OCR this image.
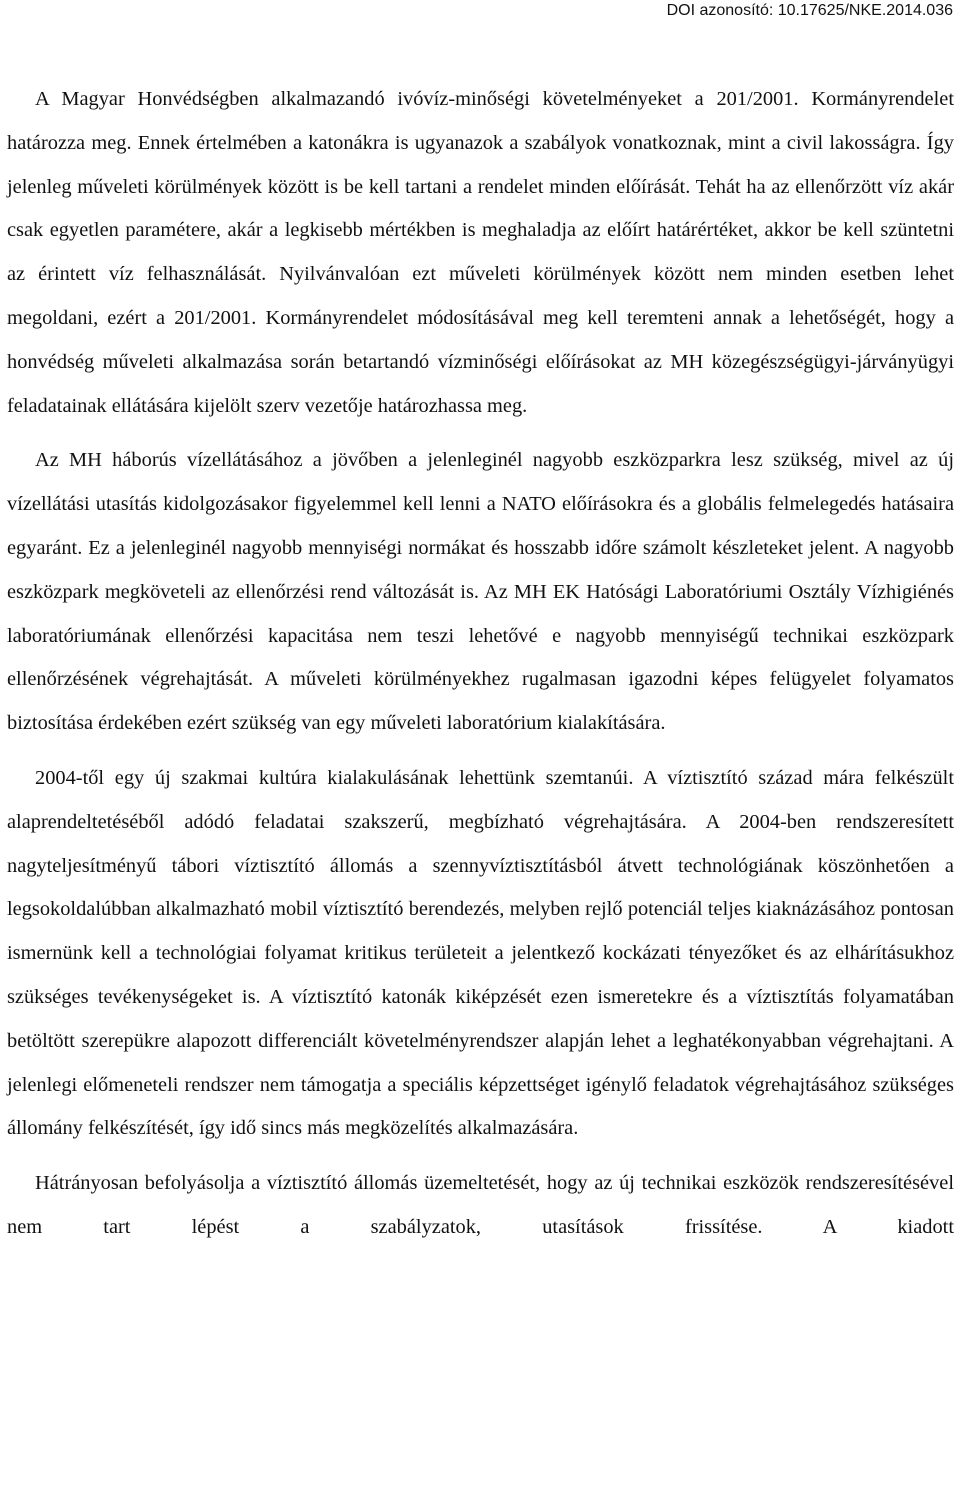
DOI azonosító: 10.17625/NKE.2014.036

A Magyar Honvédségben alkalmazandó ivóvíz-minőségi követelményeket a 201/2001. Kormányrendelet határozza meg. Ennek értelmében a katonákra is ugyanazok a szabályok vonatkoznak, mint a civil lakosságra. Így jelenleg műveleti körülmények között is be kell tartani a rendelet minden előírását. Tehát ha az ellenőrzött víz akár csak egyetlen paramétere, akár a legkisebb mértékben is meghaladja az előírt határértéket, akkor be kell szüntetni az érintett víz felhasználását. Nyilvánvalóan ezt műveleti körülmények között nem minden esetben lehet megoldani, ezért a 201/2001. Kormányrendelet módosításával meg kell teremteni annak a lehetőségét, hogy a honvédség műveleti alkalmazása során betartandó vízminőségi előírásokat az MH közegészségügyi-járványügyi feladatainak ellátására kijelölt szerv vezetője határozhassa meg.

Az MH háborús vízellátásához a jövőben a jelenleginél nagyobb eszközparkra lesz szükség, mivel az új vízellátási utasítás kidolgozásakor figyelemmel kell lenni a NATO előírásokra és a globális felmelegedés hatásaira egyaránt. Ez a jelenleginél nagyobb mennyiségi normákat és hosszabb időre számolt készleteket jelent. A nagyobb eszközpark megköveteli az ellenőrzési rend változását is. Az MH EK Hatósági Laboratóriumi Osztály Vízhigiénés laboratóriumának ellenőrzési kapacitása nem teszi lehetővé e nagyobb mennyiségű technikai eszközpark ellenőrzésének végrehajtását. A műveleti körülményekhez rugalmasan igazodni képes felügyelet folyamatos biztosítása érdekében ezért szükség van egy műveleti laboratórium kialakítására.

2004-től egy új szakmai kultúra kialakulásának lehettünk szemtanúi. A víztisztító század mára felkészült alaprendeltetéséből adódó feladatai szakszerű, megbízható végrehajtására. A 2004-ben rendszeresített nagyteljesítményű tábori víztisztító állomás a szennyvíztisztításból átvett technológiának köszönhetően a legsokoldalúbban alkalmazható mobil víztisztító berendezés, melyben rejlő potenciál teljes kiaknázásához pontosan ismernünk kell a technológiai folyamat kritikus területeit a jelentkező kockázati tényezőket és az elhárításukhoz szükséges tevékenységeket is. A víztisztító katonák kiképzését ezen ismeretekre és a víztisztítás folyamatában betöltött szerepükre alapozott differenciált követelményrendszer alapján lehet a leghatékonyabban végrehajtani. A jelenlegi előmeneteli rendszer nem támogatja a speciális képzettséget igénylő feladatok végrehajtásához szükséges állomány felkészítését, így idő sincs más megközelítés alkalmazására.

Hátrányosan befolyásolja a víztisztító állomás üzemeltetését, hogy az új technikai eszközök rendszeresítésével nem tart lépést a szabályzatok, utasítások frissítése. A kiadott
